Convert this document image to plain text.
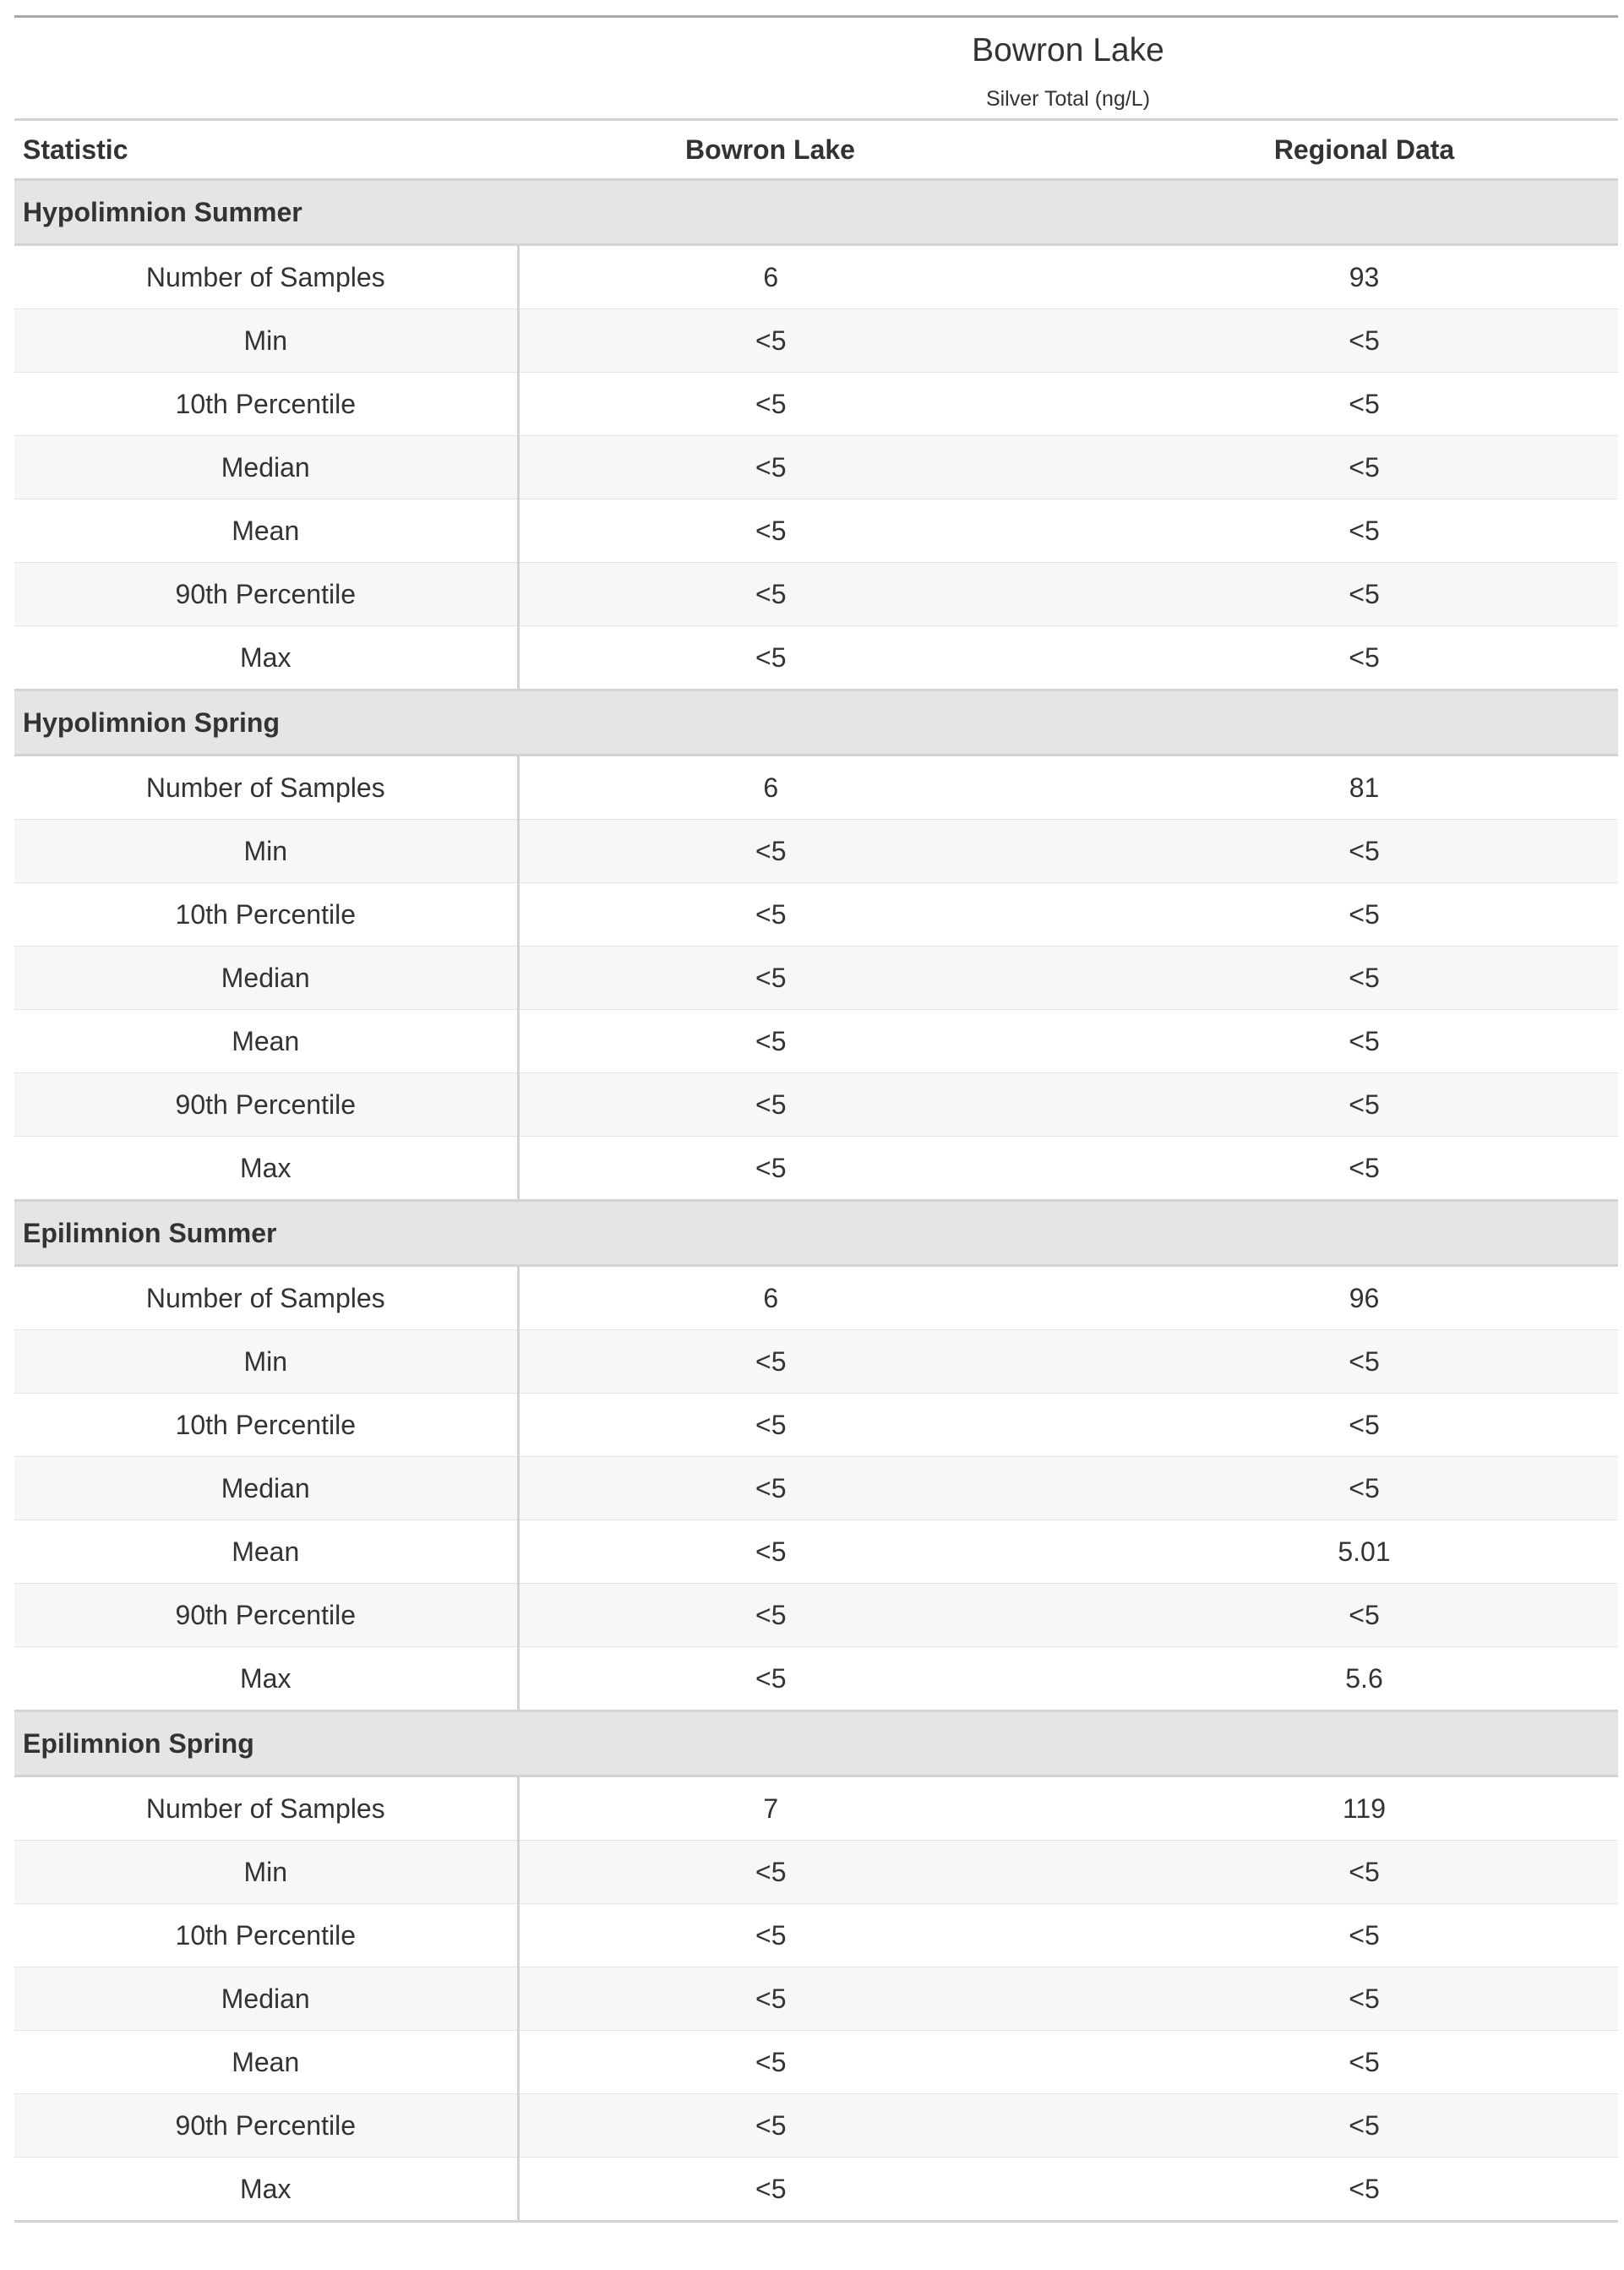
	Bowron Lake
Silver Total (ng/L)	

Statistic	Bowron Lake	Regional Data
Hypolimnion Summer		
Number of Samples	6	93
Min	<5	<5
10th Percentile	<5	<5
Median	<5	<5
Mean	<5	<5
90th Percentile	<5	<5
Max	<5	<5
Hypolimnion Spring		
Number of Samples	6	81
Min	<5	<5
10th Percentile	<5	<5
Median	<5	<5
Mean	<5	<5
90th Percentile	<5	<5
Max	<5	<5
Epilimnion Summer		
Number of Samples	6	96
Min	<5	<5
10th Percentile	<5	<5
Median	<5	<5
Mean	<5	5.01
90th Percentile	<5	<5
Max	<5	5.6
Epilimnion Spring		
Number of Samples	7	119
Min	<5	<5
10th Percentile	<5	<5
Median	<5	<5
Mean	<5	<5
90th Percentile	<5	<5
Max	<5	<5
